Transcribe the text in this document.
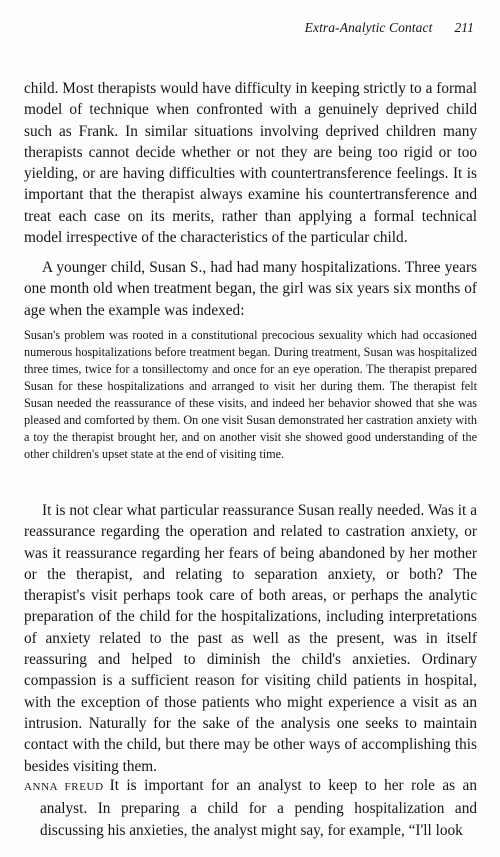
Extra-Analytic Contact 211

child. Most therapists would have difficulty in keeping strictly to a formal model of technique when confronted with a genuinely deprived child such as Frank. In similar situations involving deprived children many therapists cannot decide whether or not they are being too rigid or too yielding, or are having difficulties with countertransference feelings. It is important that the therapist always examine his countertransference and treat each case on its merits, rather than applying a formal technical model irrespective of the characteristics of the particular child.

A younger child, Susan S., had had many hospitalizations. Three years one month old when treatment began, the girl was six years six months of age when the example was indexed:

Susan's problem was rooted in a constitutional precocious sexuality which had occasioned numerous hospitalizations before treatment began. During treatment, Susan was hospitalized three times, twice for a tonsillectomy and once for an eye operation. The therapist prepared Susan for these hospitalizations and arranged to visit her during them. The therapist felt Susan needed the reassurance of these visits, and indeed her behavior showed that she was pleased and comforted by them. On one visit Susan demonstrated her castration anxiety with a toy the therapist brought her, and on another visit she showed good understanding of the other children's upset state at the end of visiting time.

It is not clear what particular reassurance Susan really needed. Was it a reassurance regarding the operation and related to castration anxiety, or was it reassurance regarding her fears of being abandoned by her mother or the therapist, and relating to separation anxiety, or both? The therapist's visit perhaps took care of both areas, or perhaps the analytic preparation of the child for the hospitalizations, including interpretations of anxiety related to the past as well as the present, was in itself reassuring and helped to diminish the child's anxieties. Ordinary compassion is a sufficient reason for visiting child patients in hospital, with the exception of those patients who might experience a visit as an intrusion. Naturally for the sake of the analysis one seeks to maintain contact with the child, but there may be other ways of accomplishing this besides visiting them.

ANNA FREUD It is important for an analyst to keep to her role as an analyst. In preparing a child for a pending hospitalization and discussing his anxieties, the analyst might say, for example, “I'll look
